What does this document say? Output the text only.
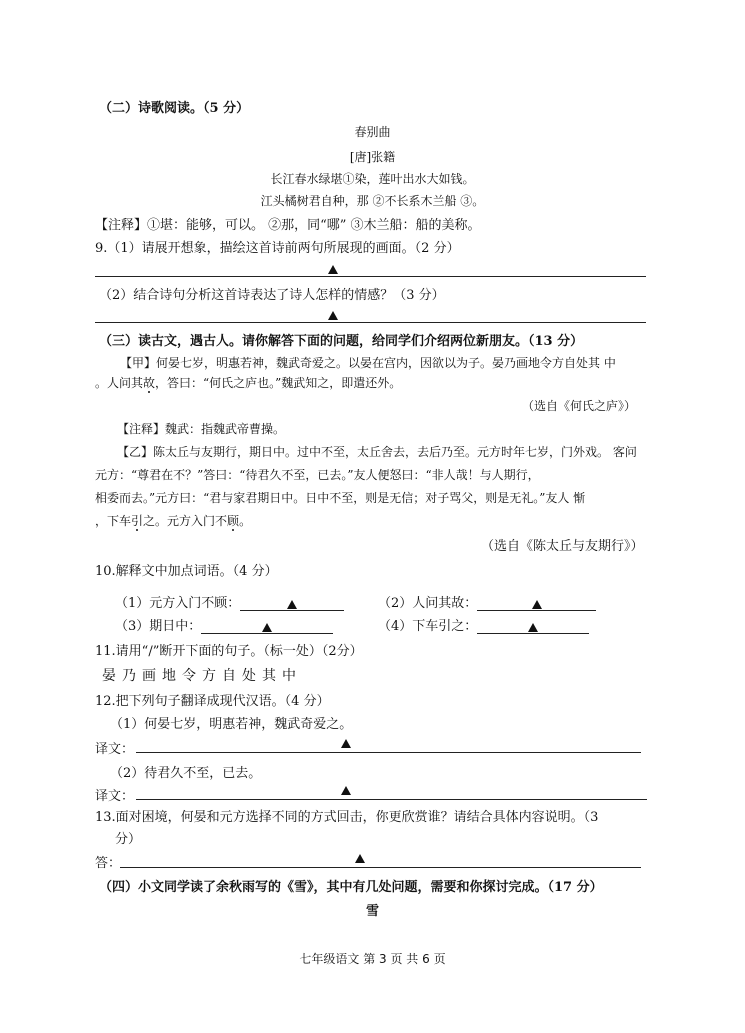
（二）诗歌阅读。（5 分）
春别曲
[唐]张籍
长江春水绿堪①染，莲叶出水大如钱。
江头橘树君自种，那 ②不长系木兰船 ③。
【注释】①堪：能够，可以。 ②那，同“哪” ③木兰船：船的美称。
9.（1）请展开想象，描绘这首诗前两句所展现的画面。（2 分）
（2）结合诗句分析这首诗表达了诗人怎样的情感？（3 分）
（三）读古文，遇古人。请你解答下面的问题，给同学们介绍两位新朋友。（13 分）
【甲】何晏七岁，明惠若神，魏武奇爱之。以晏在宫内，因欲以为子。晏乃画地令方自处其 中
。人问其故，答曰：“何氏之庐也。”魏武知之，即遣还外。
（选自《何氏之庐》）
【注释】魏武：指魏武帝曹操。
【乙】陈太丘与友期行，期日中。过中不至，太丘舍去，去后乃至。元方时年七岁，门外戏。 客问
元方：“尊君在不？”答曰：“待君久不至，已去。”友人便怒曰：“非人哉！与人期行，
相委而去。”元方曰：“君与家君期日中。日中不至，则是无信；对子骂父，则是无礼。”友人 惭
，下车引之。元方入门不顾。
（选自《陈太丘与友期行》）
10.解释文中加点词语。（4 分）
（1）元方入门不顾：	（2）人问其故：
（3）期日中：	（4）下车引之：
11.请用“/”断开下面的句子。（标一处）（2分）
晏乃画地令方自处其中
12.把下列句子翻译成现代汉语。（4 分）
（1）何晏七岁，明惠若神，魏武奇爱之。
译文：
（2）待君久不至，已去。
译文：
13.面对困境，何晏和元方选择不同的方式回击，你更欣赏谁？请结合具体内容说明。（3
分）
答：
（四）小文同学读了余秋雨写的《雪》，其中有几处问题，需要和你探讨完成。（17 分）
雪
七年级语文 第 3 页 共 6 页
